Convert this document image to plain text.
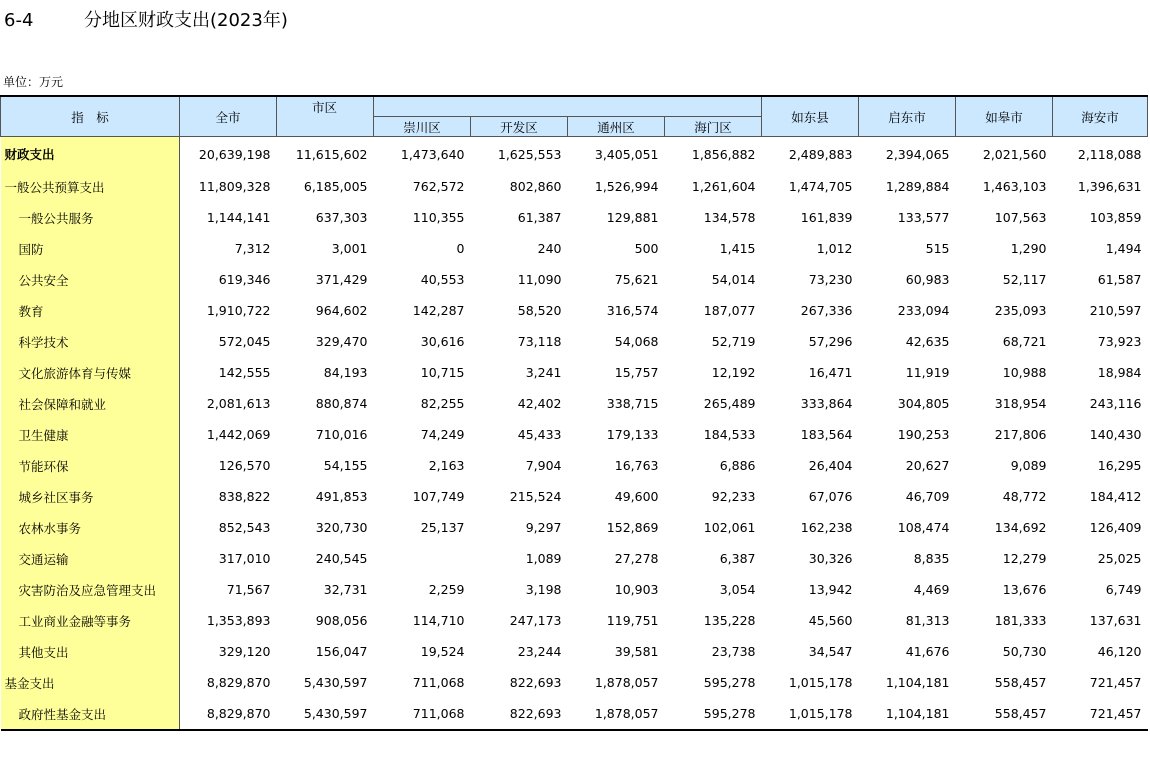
6-4	分地区财政支出(2023年)
单位：万元
指　标	全市	市区					如东县	启东市	如皋市	海安市
			崇川区	开发区	通州区	海门区				
财政支出	20,639,198	11,615,602	1,473,640	1,625,553	3,405,051	1,856,882	2,489,883	2,394,065	2,021,560	2,118,088
一般公共预算支出	11,809,328	6,185,005	762,572	802,860	1,526,994	1,261,604	1,474,705	1,289,884	1,463,103	1,396,631
一般公共服务	1,144,141	637,303	110,355	61,387	129,881	134,578	161,839	133,577	107,563	103,859
国防	7,312	3,001	0	240	500	1,415	1,012	515	1,290	1,494
公共安全	619,346	371,429	40,553	11,090	75,621	54,014	73,230	60,983	52,117	61,587
教育	1,910,722	964,602	142,287	58,520	316,574	187,077	267,336	233,094	235,093	210,597
科学技术	572,045	329,470	30,616	73,118	54,068	52,719	57,296	42,635	68,721	73,923
文化旅游体育与传媒	142,555	84,193	10,715	3,241	15,757	12,192	16,471	11,919	10,988	18,984
社会保障和就业	2,081,613	880,874	82,255	42,402	338,715	265,489	333,864	304,805	318,954	243,116
卫生健康	1,442,069	710,016	74,249	45,433	179,133	184,533	183,564	190,253	217,806	140,430
节能环保	126,570	54,155	2,163	7,904	16,763	6,886	26,404	20,627	9,089	16,295
城乡社区事务	838,822	491,853	107,749	215,524	49,600	92,233	67,076	46,709	48,772	184,412
农林水事务	852,543	320,730	25,137	9,297	152,869	102,061	162,238	108,474	134,692	126,409
交通运输	317,010	240,545		1,089	27,278	6,387	30,326	8,835	12,279	25,025
灾害防治及应急管理支出	71,567	32,731	2,259	3,198	10,903	3,054	13,942	4,469	13,676	6,749
工业商业金融等事务	1,353,893	908,056	114,710	247,173	119,751	135,228	45,560	81,313	181,333	137,631
其他支出	329,120	156,047	19,524	23,244	39,581	23,738	34,547	41,676	50,730	46,120
基金支出	8,829,870	5,430,597	711,068	822,693	1,878,057	595,278	1,015,178	1,104,181	558,457	721,457
政府性基金支出	8,829,870	5,430,597	711,068	822,693	1,878,057	595,278	1,015,178	1,104,181	558,457	721,457
